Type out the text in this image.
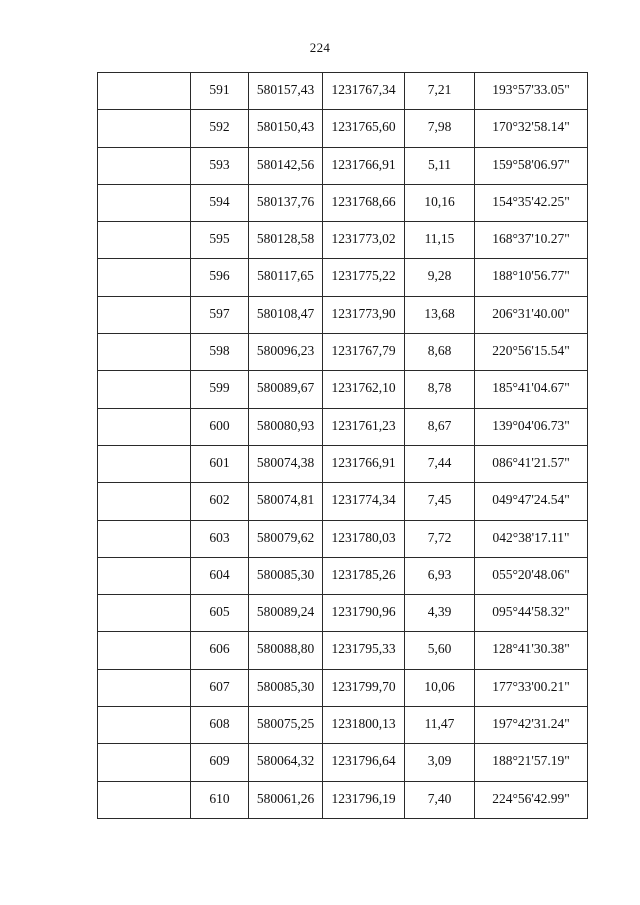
224

	591	580157,43	1231767,34	7,21	193°57'33.05"

	592	580150,43	1231765,60	7,98	170°32'58.14"

	593	580142,56	1231766,91	5,11	159°58'06.97"

	594	580137,76	1231768,66	10,16	154°35'42.25"

	595	580128,58	1231773,02	11,15	168°37'10.27"

	596	580117,65	1231775,22	9,28	188°10'56.77"

	597	580108,47	1231773,90	13,68	206°31'40.00"

	598	580096,23	1231767,79	8,68	220°56'15.54"

	599	580089,67	1231762,10	8,78	185°41'04.67"

	600	580080,93	1231761,23	8,67	139°04'06.73"

	601	580074,38	1231766,91	7,44	086°41'21.57"

	602	580074,81	1231774,34	7,45	049°47'24.54"

	603	580079,62	1231780,03	7,72	042°38'17.11"

	604	580085,30	1231785,26	6,93	055°20'48.06"

	605	580089,24	1231790,96	4,39	095°44'58.32"

	606	580088,80	1231795,33	5,60	128°41'30.38"

	607	580085,30	1231799,70	10,06	177°33'00.21"

	608	580075,25	1231800,13	11,47	197°42'31.24"

	609	580064,32	1231796,64	3,09	188°21'57.19"

	610	580061,26	1231796,19	7,40	224°56'42.99"
